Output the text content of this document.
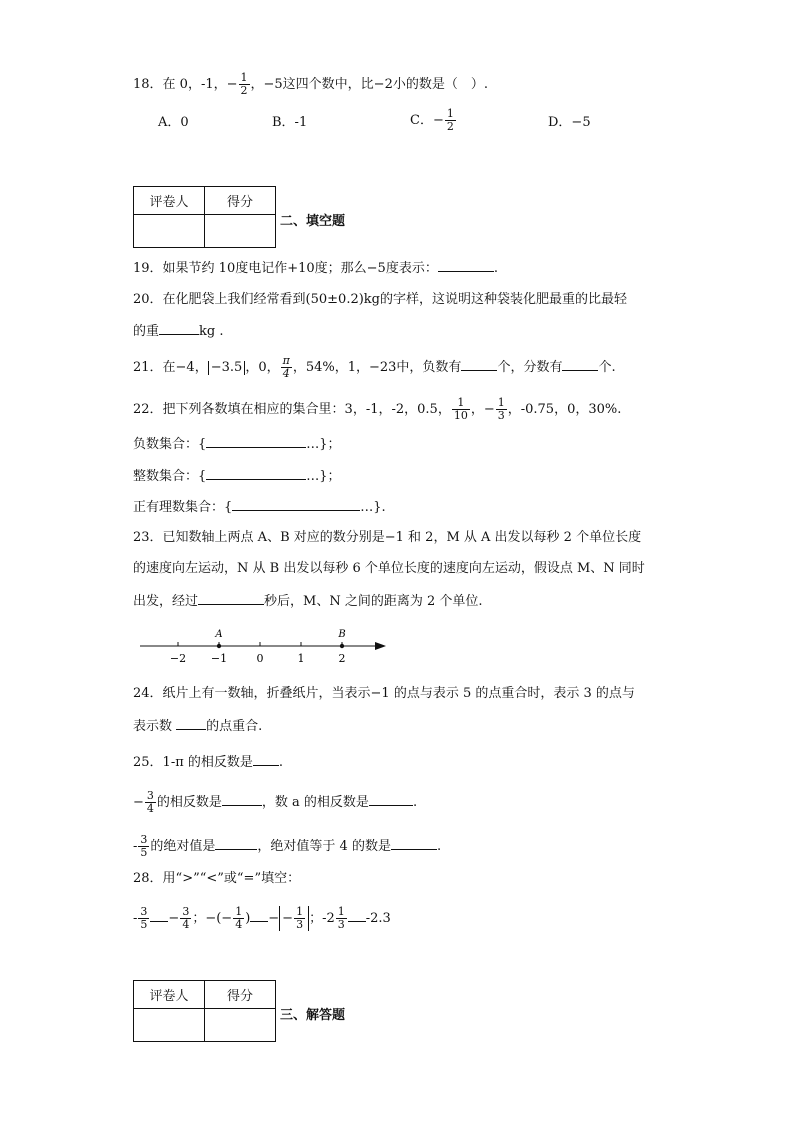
18．在 0，-1，− $\frac{1}{2}$ ，−5这四个数中，比−2小的数是（　）.
A．0	B．-1	C．− $\frac{1}{2}$	D．−5
评卷人	得分

二、填空题
19．如果节约 10度电记作+10度；那么−5度表示：	.
20．在化肥袋上我们经常看到(50±0.2)kg的字样，这说明这种袋装化肥最重的比最轻
的重	kg .
21．在−4， −3.5 ，0， $\frac{\pi}{4}$ ，54%，1，−23中，负数有	个，分数有	个.
22．把下列各数填在相应的集合里：3，-1，-2，0.5， $\frac{1}{10}$ ，− $\frac{1}{3}$ ，-0.75，0，30%.
负数集合：{	…}；
整数集合：{	…}；
正有理数集合：{	…}.
23．已知数轴上两点 A、B 对应的数分别是−1 和 2，M 从 A 出发以每秒 2 个单位长度
的速度向左运动，N 从 B 出发以每秒 6 个单位长度的速度向左运动，假设点 M、N 同时
出发，经过	秒后，M、N 之间的距离为 2 个单位.
−2 −1	0	1	2
A	B
24．纸片上有一数轴，折叠纸片，当表示−1 的点与表示 5 的点重合时，表示 3 的点与
表示数 的点重合.
25．1-π 的相反数是 .
− $\frac{3}{4}$ 的相反数是	，数 a 的相反数是	.
- $\frac{3}{5}$ 的绝对值是	，绝对值等于 4 的数是	.
28．用“>”“<”或“=”填空：
- $\frac{3}{5} - \frac{3}{4}$ ；−(− $\frac{1}{4}$ ) − − $\frac{1}{3}$ ；$-2 \frac{1}{3} -2.3$
评卷人	得分

三、解答题
